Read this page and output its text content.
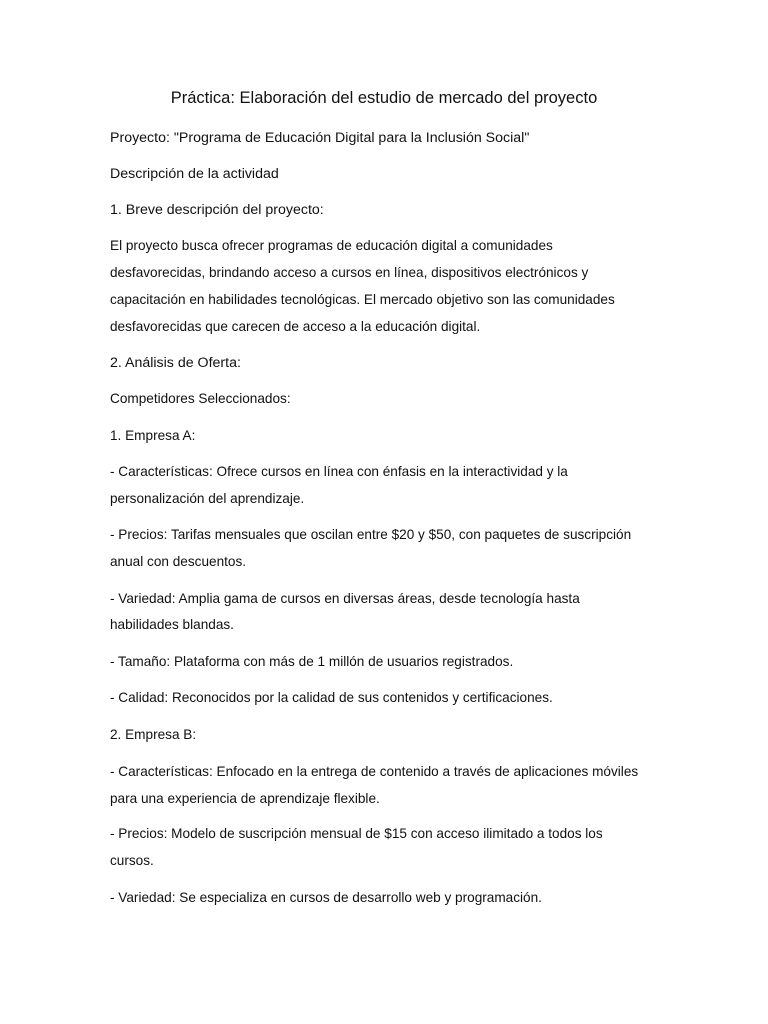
Práctica: Elaboración del estudio de mercado del proyecto
Proyecto: "Programa de Educación Digital para la Inclusión Social"
Descripción de la actividad
1. Breve descripción del proyecto:
El proyecto busca ofrecer programas de educación digital a comunidades
desfavorecidas, brindando acceso a cursos en línea, dispositivos electrónicos y
capacitación en habilidades tecnológicas. El mercado objetivo son las comunidades
desfavorecidas que carecen de acceso a la educación digital.
2. Análisis de Oferta:
Competidores Seleccionados:
1. Empresa A:
- Características: Ofrece cursos en línea con énfasis en la interactividad y la
personalización del aprendizaje.
- Precios: Tarifas mensuales que oscilan entre $20 y $50, con paquetes de suscripción
anual con descuentos.
- Variedad: Amplia gama de cursos en diversas áreas, desde tecnología hasta
habilidades blandas.
- Tamaño: Plataforma con más de 1 millón de usuarios registrados.
- Calidad: Reconocidos por la calidad de sus contenidos y certificaciones.
2. Empresa B:
- Características: Enfocado en la entrega de contenido a través de aplicaciones móviles
para una experiencia de aprendizaje flexible.
- Precios: Modelo de suscripción mensual de $15 con acceso ilimitado a todos los
cursos.
- Variedad: Se especializa en cursos de desarrollo web y programación.
